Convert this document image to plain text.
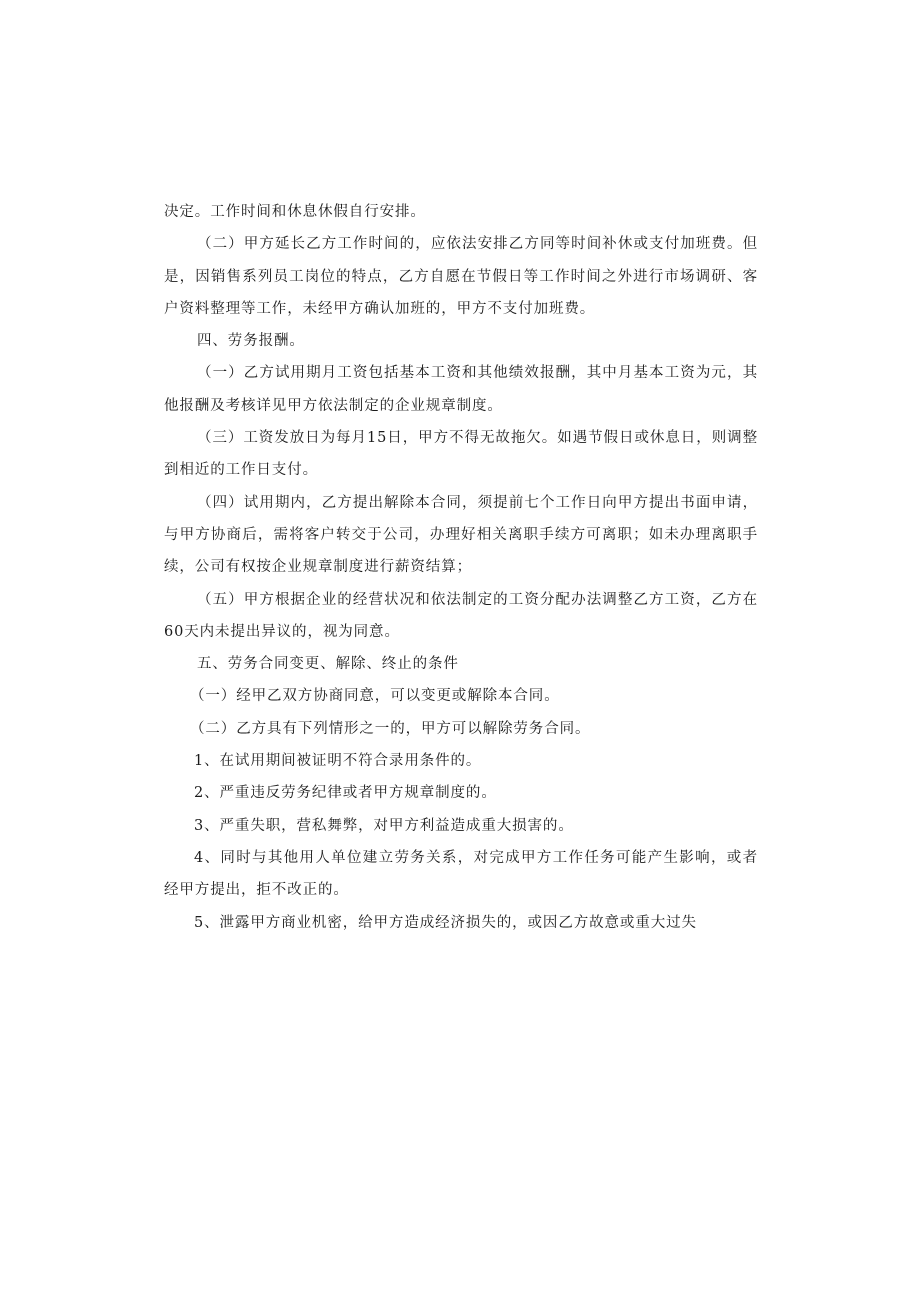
决定。工作时间和休息休假自行安排。

（二）甲方延长乙方工作时间的，应依法安排乙方同等时间补休或支付加班费。但是，因销售系列员工岗位的特点，乙方自愿在节假日等工作时间之外进行市场调研、客户资料整理等工作，未经甲方确认加班的，甲方不支付加班费。

四、劳务报酬。

（一）乙方试用期月工资包括基本工资和其他绩效报酬，其中月基本工资为元，其他报酬及考核详见甲方依法制定的企业规章制度。

（三）工资发放日为每月15日，甲方不得无故拖欠。如遇节假日或休息日，则调整到相近的工作日支付。

（四）试用期内，乙方提出解除本合同，须提前七个工作日向甲方提出书面申请，与甲方协商后，需将客户转交于公司，办理好相关离职手续方可离职；如未办理离职手续，公司有权按企业规章制度进行薪资结算；

（五）甲方根据企业的经营状况和依法制定的工资分配办法调整乙方工资，乙方在60天内未提出异议的，视为同意。

五、劳务合同变更、解除、终止的条件

（一）经甲乙双方协商同意，可以变更或解除本合同。

（二）乙方具有下列情形之一的，甲方可以解除劳务合同。

1、在试用期间被证明不符合录用条件的。

2、严重违反劳务纪律或者甲方规章制度的。

3、严重失职，营私舞弊，对甲方利益造成重大损害的。

4、同时与其他用人单位建立劳务关系，对完成甲方工作任务可能产生影响，或者经甲方提出，拒不改正的。

5、泄露甲方商业机密，给甲方造成经济损失的，或因乙方故意或重大过失
